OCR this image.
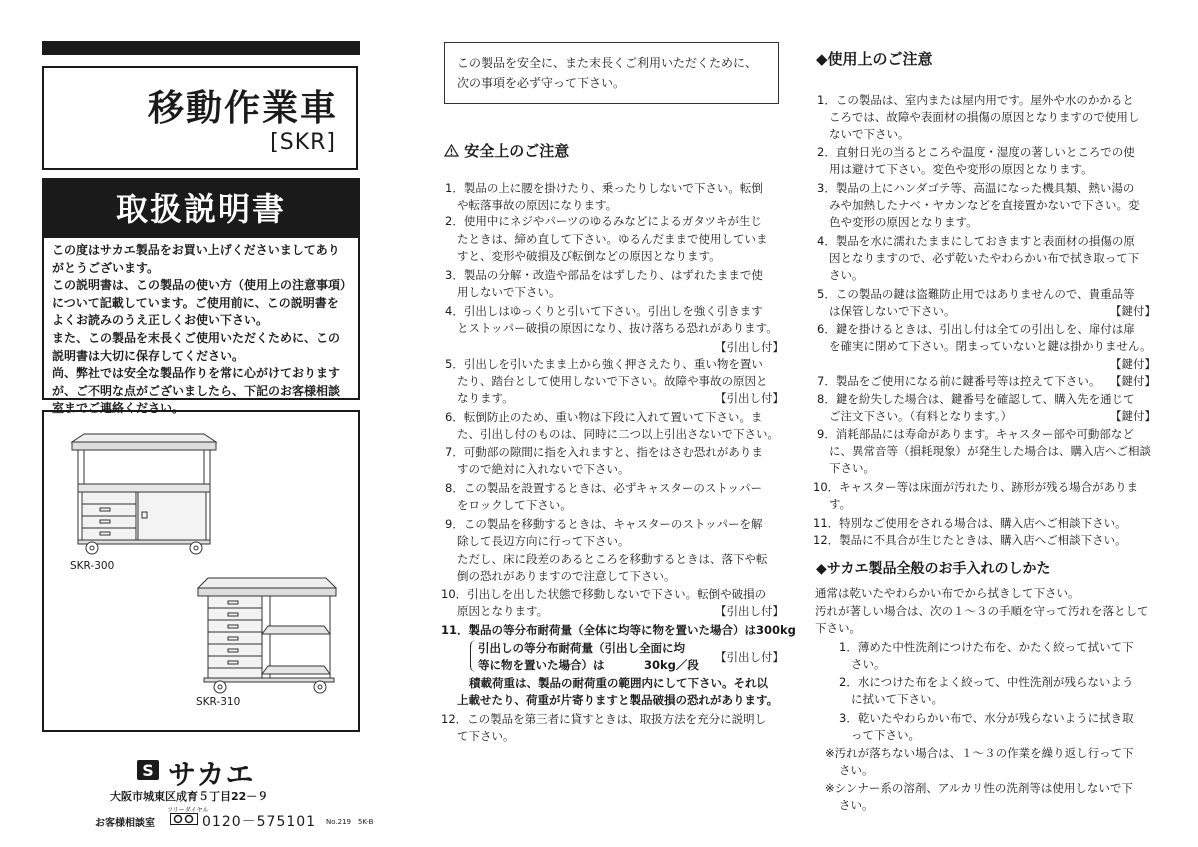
移動作業車
[SKR]
取扱説明書
この度はサカエ製品をお買い上げくださいましてあり
がとうございます。
この説明書は、この製品の使い方（使用上の注意事項）
について記載しています。ご使用前に、この説明書を
よくお読みのうえ正しくお使い下さい。
また、この製品を末長くご使用いただくために、この
説明書は大切に保存してください。
尚、弊社では安全な製品作りを常に心がけております
が、ご不明な点がございましたら、下記のお客様相談
室までご連絡ください。
SKR-300
SKR-310
S サカエ
大阪市城東区成育５丁目22－９
お客様相談室
フリーダイヤル
0120－575101 No.219　5K-B
この製品を安全に、また末長くご利用いただくために、
次の事項を必ず守って下さい。
安全上のご注意
1．製品の上に腰を掛けたり、乗ったりしないで下さい。転倒
や転落事故の原因になります。
2．使用中にネジやパーツのゆるみなどによるガタツキが生じ
たときは、締め直して下さい。ゆるんだままで使用していま
すと、変形や破損及び転倒などの原因となります。
3．製品の分解・改造や部品をはずしたり、はずれたままで使
用しないで下さい。
4．引出しはゆっくりと引いて下さい。引出しを強く引きます
とストッパー破損の原因になり、抜け落ちる恐れがあります。
【引出し付】
5．引出しを引いたまま上から強く押さえたり、重い物を置い
たり、踏台として使用しないで下さい。故障や事故の原因と
なります。	【引出し付】
6．転倒防止のため、重い物は下段に入れて置いて下さい。ま
た、引出し付のものは、同時に二つ以上引出さないで下さい。
7．可動部の隙間に指を入れますと、指をはさむ恐れがありま
すので絶対に入れないで下さい。
8．この製品を設置するときは、必ずキャスターのストッパー
をロックして下さい。
9．この製品を移動するときは、キャスターのストッパーを解
除して長辺方向に行って下さい。
ただし、床に段差のあるところを移動するときは、落下や転
倒の恐れがありますので注意して下さい。
10．引出しを出した状態で移動しないで下さい。転倒や破損の
原因となります。	【引出し付】
11．製品の等分布耐荷量（全体に均等に物を置いた場合）は300kg
引出しの等分布耐荷量（引出し全面に均
等に物を置いた場合）は	30kg／段
【引出し付】
積載荷重は、製品の耐荷重の範囲内にして下さい。それ以
上載せたり、荷重が片寄りますと製品破損の恐れがあります。
12．この製品を第三者に貸すときは、取扱方法を充分に説明し
て下さい。
◆使用上のご注意
1．この製品は、室内または屋内用です。屋外や水のかかると
ころでは、故障や表面材の損傷の原因となりますので使用し
ないで下さい。
2．直射日光の当るところや温度・湿度の著しいところでの使
用は避けて下さい。変色や変形の原因となります。
3．製品の上にハンダゴテ等、高温になった機具類、熱い湯の
みや加熱したナベ・ヤカンなどを直接置かないで下さい。変
色や変形の原因となります。
4．製品を水に濡れたままにしておきますと表面材の損傷の原
因となりますので、必ず乾いたやわらかい布で拭き取って下
さい。
5．この製品の鍵は盗難防止用ではありませんので、貴重品等
は保管しないで下さい。	【鍵付】
6．鍵を掛けるときは、引出し付は全ての引出しを、扉付は扉
を確実に閉めて下さい。閉まっていないと鍵は掛かりません。
【鍵付】
7．製品をご使用になる前に鍵番号等は控えて下さい。 【鍵付】
8．鍵を紛失した場合は、鍵番号を確認して、購入先を通じて
ご注文下さい。（有料となります。）	【鍵付】
9．消耗部品には寿命があります。キャスター部や可動部など
に、異常音等（損耗現象）が発生した場合は、購入店へご相談
下さい。
10．キャスター等は床面が汚れたり、跡形が残る場合がありま
す。
11．特別なご使用をされる場合は、購入店へご相談下さい。
12．製品に不具合が生じたときは、購入店へご相談下さい。
◆サカエ製品全般のお手入れのしかた
通常は乾いたやわらかい布でから拭きして下さい。
汚れが著しい場合は、次の１～３の手順を守って汚れを落として
下さい。
1．薄めた中性洗剤につけた布を、かたく絞って拭いて下
さい。
2．水につけた布をよく絞って、中性洗剤が残らないよう
に拭いて下さい。
3．乾いたやわらかい布で、水分が残らないように拭き取
って下さい。
※汚れが落ちない場合は、１～３の作業を繰り返し行って下
さい。
※シンナー系の溶剤、アルカリ性の洗剤等は使用しないで下
さい。
